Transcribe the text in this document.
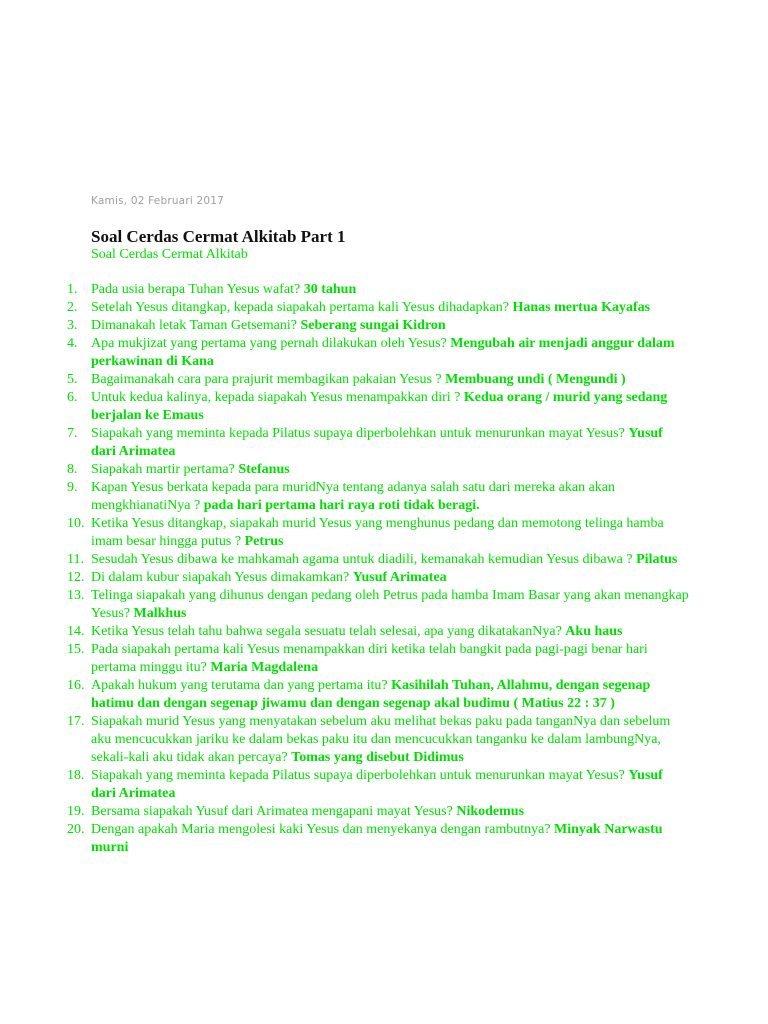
Kamis, 02 Februari 2017
Soal Cerdas Cermat Alkitab Part 1
Soal Cerdas Cermat Alkitab
1. Pada usia berapa Tuhan Yesus wafat? 30 tahun
2. Setelah Yesus ditangkap, kepada siapakah pertama kali Yesus dihadapkan? Hanas mertua Kayafas
3. Dimanakah letak Taman Getsemani? Seberang sungai Kidron
4. Apa mukjizat yang pertama yang pernah dilakukan oleh Yesus? Mengubah air menjadi anggur dalam perkawinan di Kana
5. Bagaimanakah cara para prajurit membagikan pakaian Yesus ? Membuang undi ( Mengundi )
6. Untuk kedua kalinya, kepada siapakah Yesus menampakkan diri ? Kedua orang / murid yang sedang berjalan ke Emaus
7. Siapakah yang meminta kepada Pilatus supaya diperbolehkan untuk menurunkan mayat Yesus? Yusuf dari Arimatea
8. Siapakah martir pertama? Stefanus
9. Kapan Yesus berkata kepada para muridNya tentang adanya salah satu dari mereka akan akan mengkhianatiNya ? pada hari pertama hari raya roti tidak beragi.
10. Ketika Yesus ditangkap, siapakah murid Yesus yang menghunus pedang dan memotong telinga hamba imam besar hingga putus ? Petrus
11. Sesudah Yesus dibawa ke mahkamah agama untuk diadili, kemanakah kemudian Yesus dibawa ? Pilatus
12. Di dalam kubur siapakah Yesus dimakamkan? Yusuf Arimatea
13. Telinga siapakah yang dihunus dengan pedang oleh Petrus pada hamba Imam Basar yang akan menangkap Yesus? Malkhus
14. Ketika Yesus telah tahu bahwa segala sesuatu telah selesai, apa yang dikatakanNya? Aku haus
15. Pada siapakah pertama kali Yesus menampakkan diri ketika telah bangkit pada pagi-pagi benar hari pertama minggu itu? Maria Magdalena
16. Apakah hukum yang terutama dan yang pertama itu? Kasihilah Tuhan, Allahmu, dengan segenap hatimu dan dengan segenap jiwamu dan dengan segenap akal budimu ( Matius 22 : 37 )
17. Siapakah murid Yesus yang menyatakan sebelum aku melihat bekas paku pada tanganNya dan sebelum aku mencucukkan jariku ke dalam bekas paku itu dan mencucukkan tanganku ke dalam lambungNya, sekali-kali aku tidak akan percaya? Tomas yang disebut Didimus
18. Siapakah yang meminta kepada Pilatus supaya diperbolehkan untuk menurunkan mayat Yesus? Yusuf dari Arimatea
19. Bersama siapakah Yusuf dari Arimatea mengapani mayat Yesus? Nikodemus
20. Dengan apakah Maria mengolesi kaki Yesus dan menyekanya dengan rambutnya? Minyak Narwastu murni
